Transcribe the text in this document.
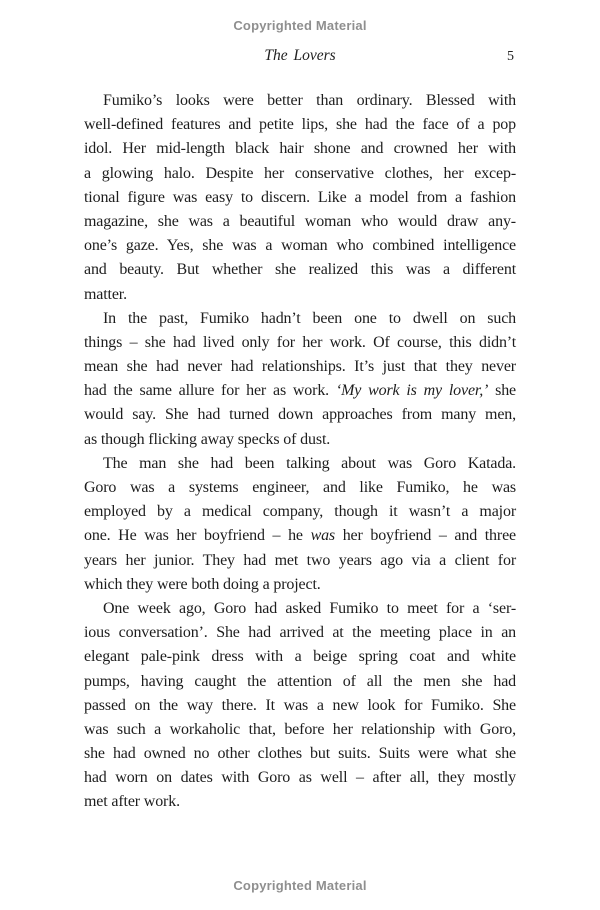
Copyrighted Material
The Lovers	5
Fumiko’s looks were better than ordinary. Blessed with
well-defined features and petite lips, she had the face of a pop
idol. Her mid-length black hair shone and crowned her with
a glowing halo. Despite her conservative clothes, her excep-
tional figure was easy to discern. Like a model from a fashion
magazine, she was a beautiful woman who would draw any-
one’s gaze. Yes, she was a woman who combined intelligence
and beauty. But whether she realized this was a different
matter.
In the past, Fumiko hadn’t been one to dwell on such
things – she had lived only for her work. Of course, this didn’t
mean she had never had relationships. It’s just that they never
had the same allure for her as work. ‘My work is my lover,’ she
would say. She had turned down approaches from many men,
as though flicking away specks of dust.
The man she had been talking about was Goro Katada.
Goro was a systems engineer, and like Fumiko, he was
employed by a medical company, though it wasn’t a major
one. He was her boyfriend – he was her boyfriend – and three
years her junior. They had met two years ago via a client for
which they were both doing a project.
One week ago, Goro had asked Fumiko to meet for a ‘ser-
ious conversation’. She had arrived at the meeting place in an
elegant pale-pink dress with a beige spring coat and white
pumps, having caught the attention of all the men she had
passed on the way there. It was a new look for Fumiko. She
was such a workaholic that, before her relationship with Goro,
she had owned no other clothes but suits. Suits were what she
had worn on dates with Goro as well – after all, they mostly
met after work.
Copyrighted Material
